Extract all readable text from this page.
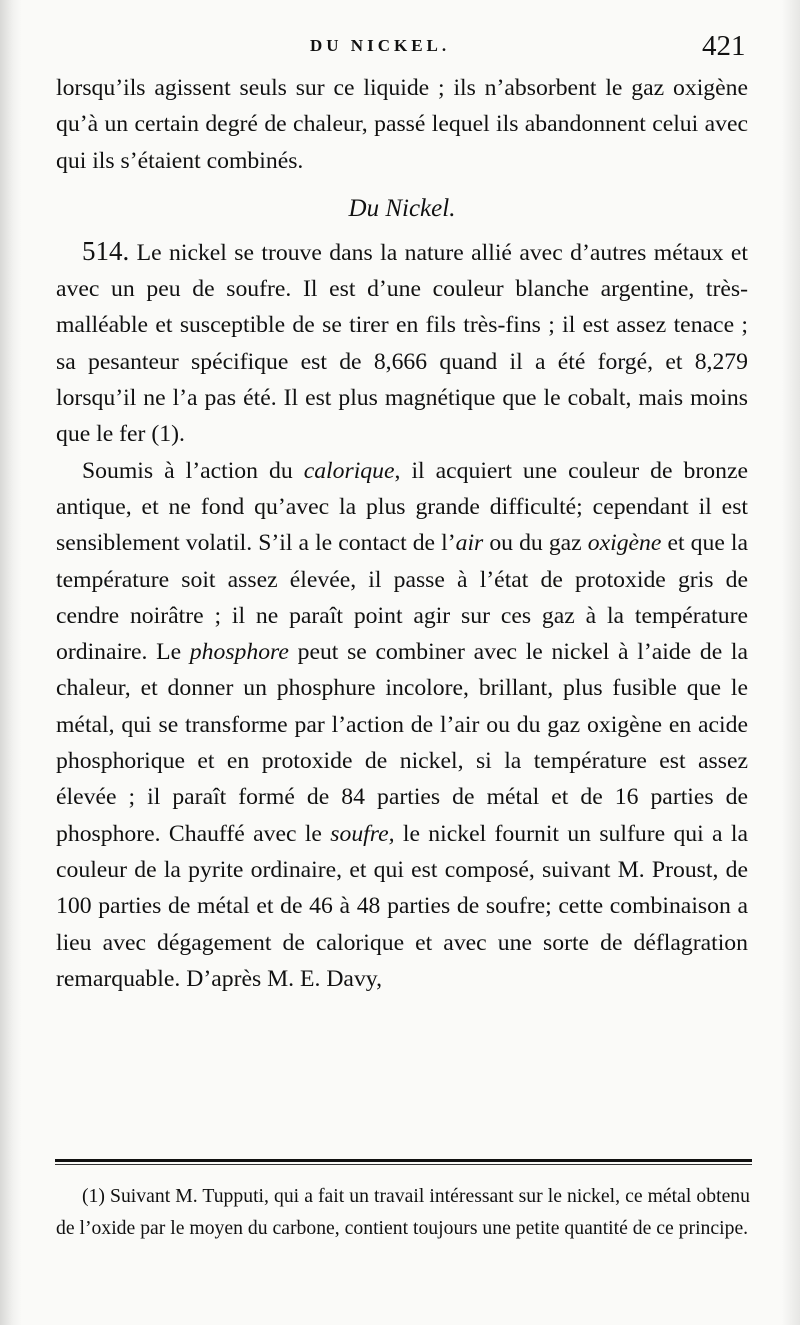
DU NICKEL.	421

lorsqu’ils agissent seuls sur ce liquide ; ils n’absorbent le gaz oxigène qu’à un certain degré de chaleur, passé lequel ils abandonnent celui avec qui ils s’étaient combinés.

Du Nickel.

514. Le nickel se trouve dans la nature allié avec d’autres métaux et avec un peu de soufre. Il est d’une couleur blanche argentine, très-malléable et susceptible de se tirer en fils très-fins ; il est assez tenace ; sa pesanteur spécifique est de 8,666 quand il a été forgé, et 8,279 lorsqu’il ne l’a pas été. Il est plus magnétique que le cobalt, mais moins que le fer (1).

Soumis à l’action du calorique, il acquiert une couleur de bronze antique, et ne fond qu’avec la plus grande difficulté; cependant il est sensiblement volatil. S’il a le contact de l’air ou du gaz oxigène et que la température soit assez élevée, il passe à l’état de protoxide gris de cendre noirâtre ; il ne paraît point agir sur ces gaz à la température ordinaire. Le phosphore peut se combiner avec le nickel à l’aide de la chaleur, et donner un phosphure incolore, brillant, plus fusible que le métal, qui se transforme par l’action de l’air ou du gaz oxigène en acide phosphorique et en protoxide de nickel, si la température est assez élevée ; il paraît formé de 84 parties de métal et de 16 parties de phosphore. Chauffé avec le soufre, le nickel fournit un sulfure qui a la couleur de la pyrite ordinaire, et qui est composé, suivant M. Proust, de 100 parties de métal et de 46 à 48 parties de soufre; cette combinaison a lieu avec dégagement de calorique et avec une sorte de déflagration remarquable. D’après M. E. Davy,

(1) Suivant M. Tupputi, qui a fait un travail intéressant sur le nickel, ce métal obtenu de l’oxide par le moyen du carbone, contient toujours une petite quantité de ce principe.
